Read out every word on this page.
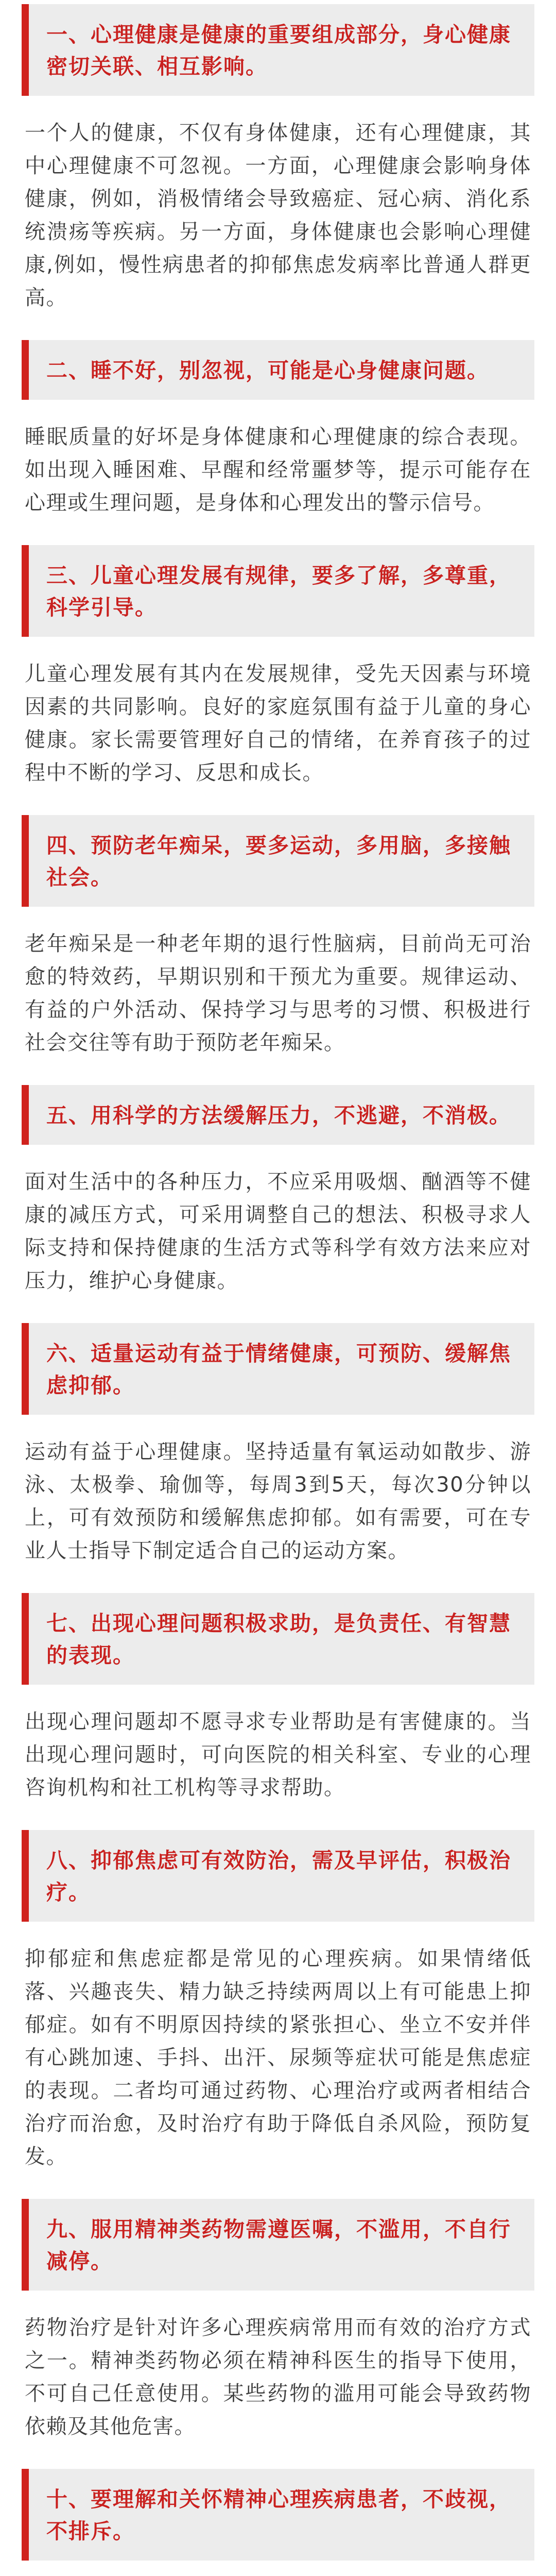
一、心理健康是健康的重要组成部分，身心健康密切关联、相互影响。

一个人的健康，不仅有身体健康，还有心理健康，其中心理健康不可忽视。一方面，心理健康会影响身体健康，例如，消极情绪会导致癌症、冠心病、消化系统溃疡等疾病。另一方面，身体健康也会影响心理健康,例如，慢性病患者的抑郁焦虑发病率比普通人群更高。

二、睡不好，别忽视，可能是心身健康问题。

睡眠质量的好坏是身体健康和心理健康的综合表现。如出现入睡困难、早醒和经常噩梦等，提示可能存在心理或生理问题，是身体和心理发出的警示信号。

三、儿童心理发展有规律，要多了解，多尊重，科学引导。

儿童心理发展有其内在发展规律，受先天因素与环境因素的共同影响。良好的家庭氛围有益于儿童的身心健康。家长需要管理好自己的情绪，在养育孩子的过程中不断的学习、反思和成长。

四、预防老年痴呆，要多运动，多用脑，多接触社会。

老年痴呆是一种老年期的退行性脑病，目前尚无可治愈的特效药，早期识别和干预尤为重要。规律运动、有益的户外活动、保持学习与思考的习惯、积极进行社会交往等有助于预防老年痴呆。

五、用科学的方法缓解压力，不逃避，不消极。

面对生活中的各种压力，不应采用吸烟、酗酒等不健康的减压方式，可采用调整自己的想法、积极寻求人际支持和保持健康的生活方式等科学有效方法来应对压力，维护心身健康。

六、适量运动有益于情绪健康，可预防、缓解焦虑抑郁。

运动有益于心理健康。坚持适量有氧运动如散步、游泳、太极拳、瑜伽等，每周3到5天，每次30分钟以上，可有效预防和缓解焦虑抑郁。如有需要，可在专业人士指导下制定适合自己的运动方案。

七、出现心理问题积极求助，是负责任、有智慧的表现。

出现心理问题却不愿寻求专业帮助是有害健康的。当出现心理问题时，可向医院的相关科室、专业的心理咨询机构和社工机构等寻求帮助。

八、抑郁焦虑可有效防治，需及早评估，积极治疗。

抑郁症和焦虑症都是常见的心理疾病。如果情绪低落、兴趣丧失、精力缺乏持续两周以上有可能患上抑郁症。如有不明原因持续的紧张担心、坐立不安并伴有心跳加速、手抖、出汗、尿频等症状可能是焦虑症的表现。二者均可通过药物、心理治疗或两者相结合治疗而治愈，及时治疗有助于降低自杀风险，预防复发。

九、服用精神类药物需遵医嘱，不滥用，不自行减停。

药物治疗是针对许多心理疾病常用而有效的治疗方式之一。精神类药物必须在精神科医生的指导下使用，不可自己任意使用。某些药物的滥用可能会导致药物依赖及其他危害。

十、要理解和关怀精神心理疾病患者，不歧视，不排斥。
